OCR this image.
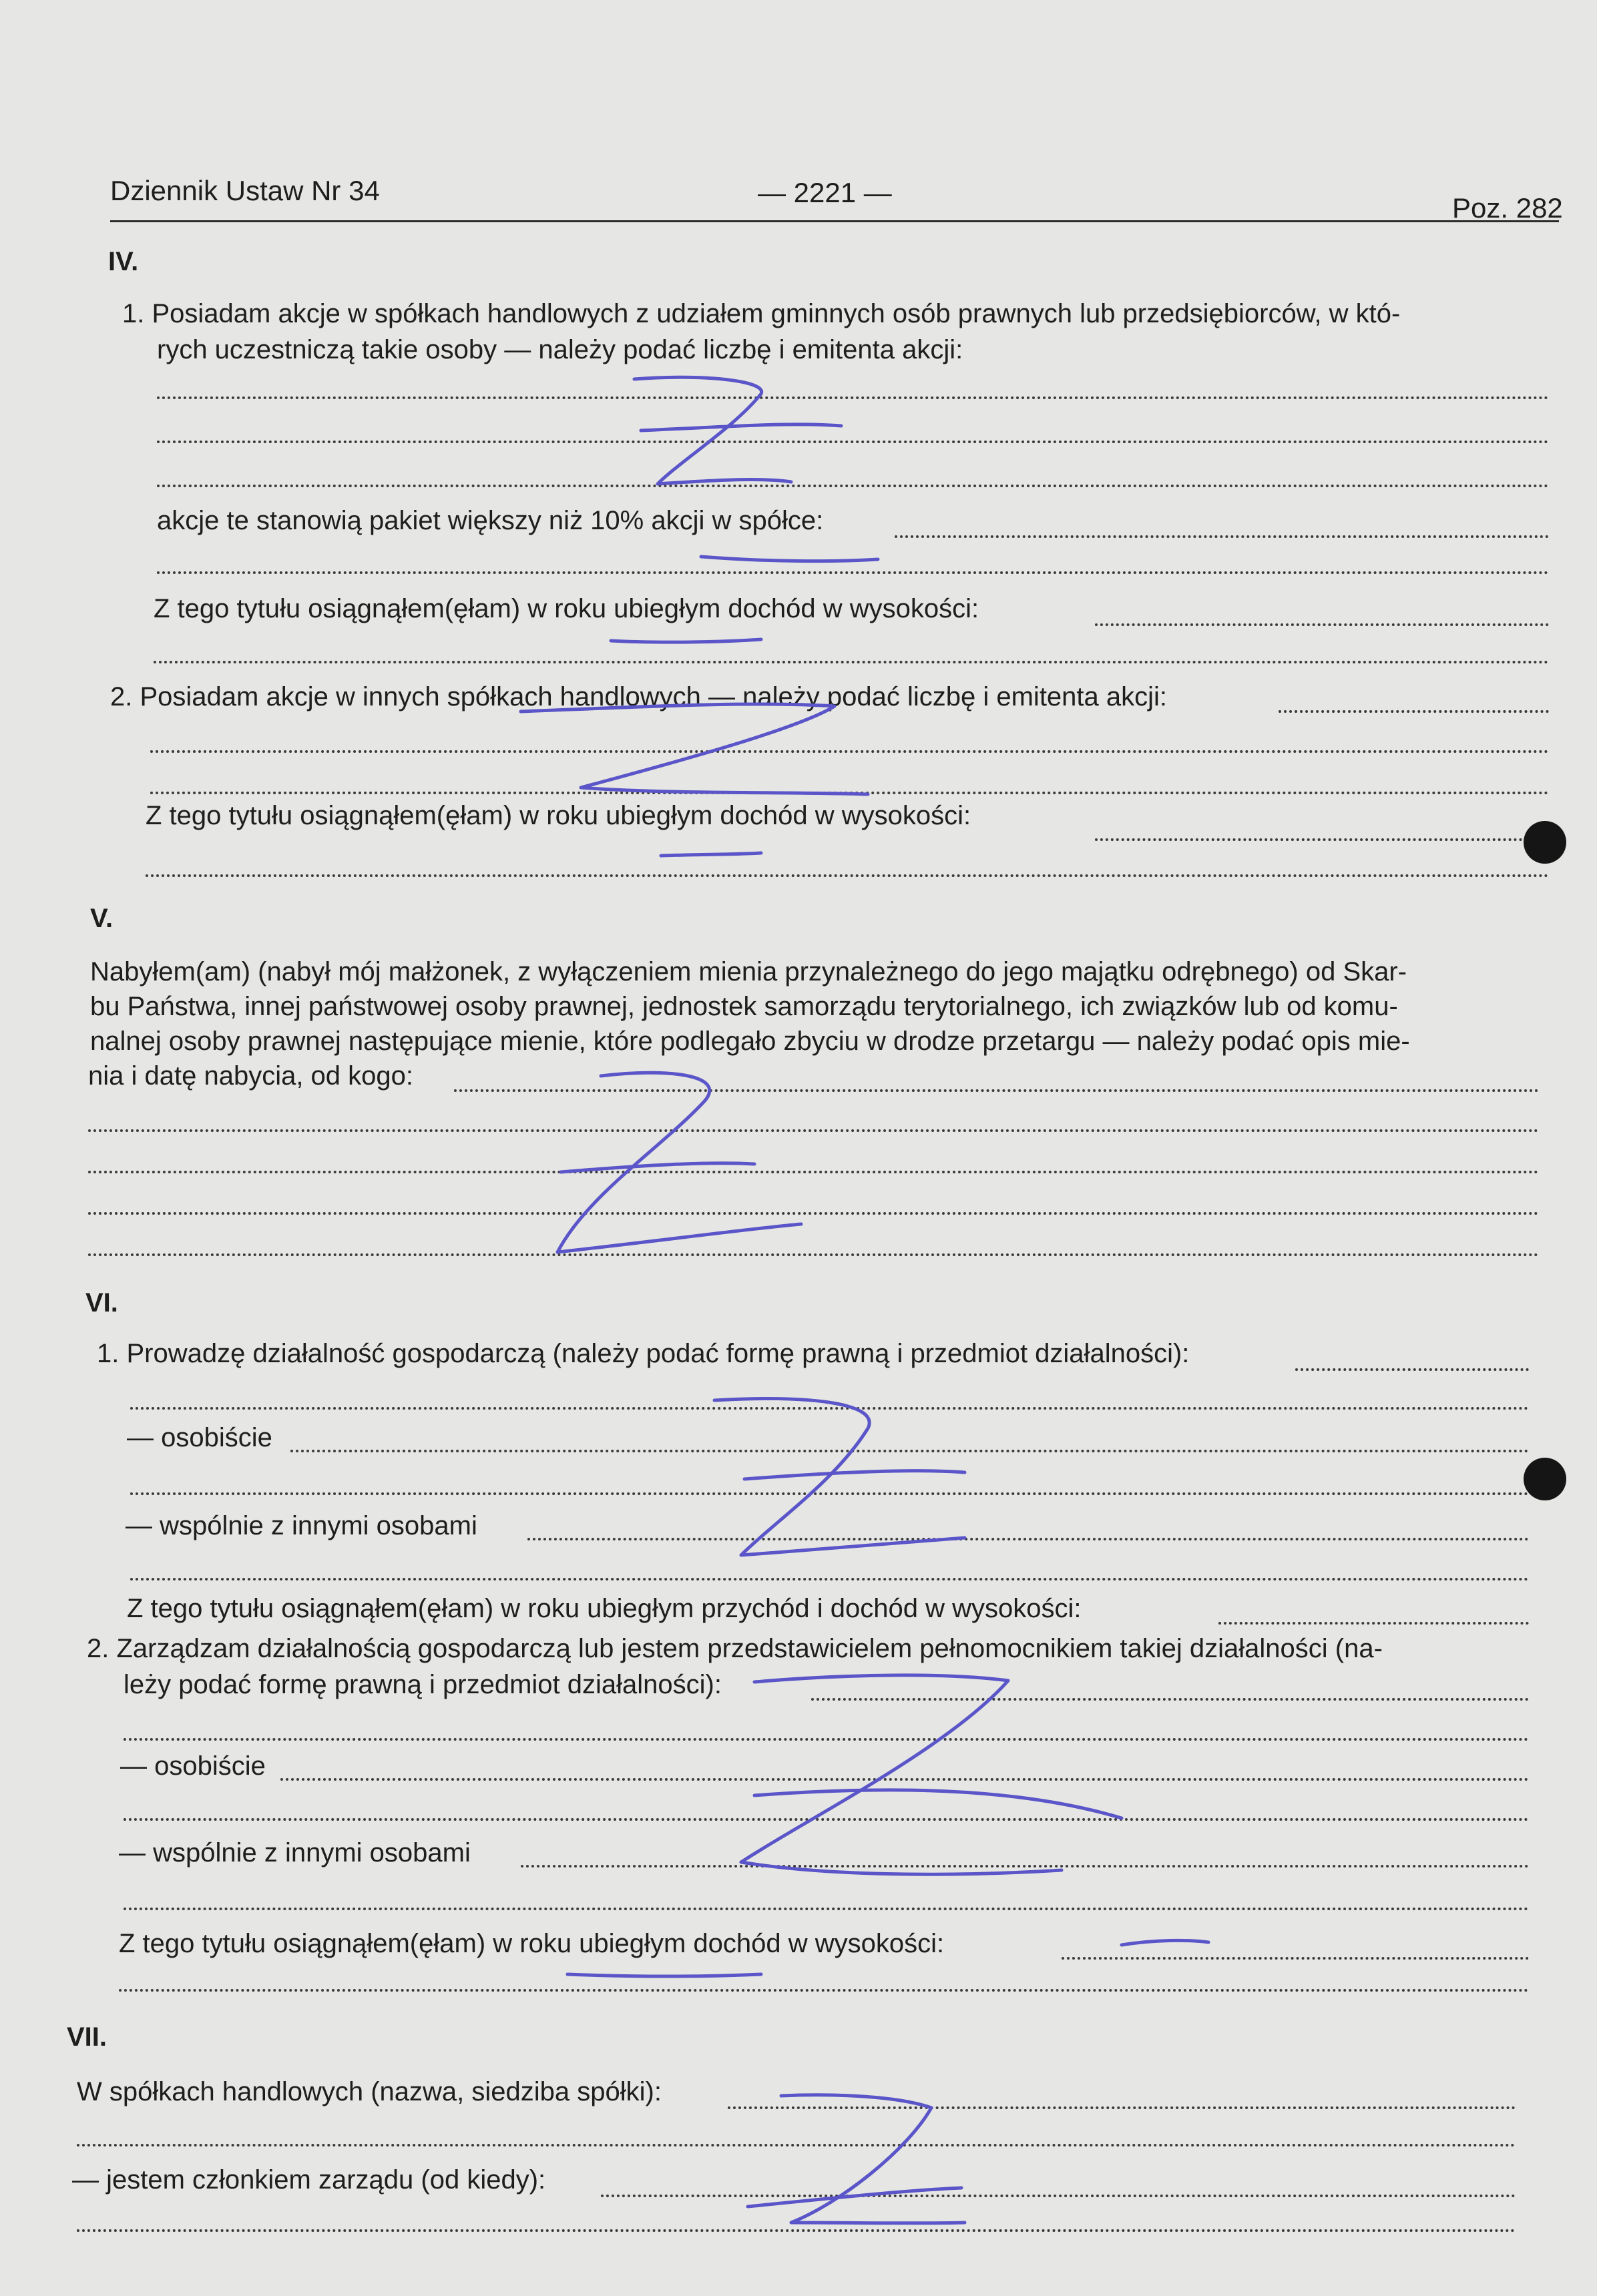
Dziennik Ustaw Nr 34	— 2221 —	Poz. 282
IV.
1. Posiadam akcje w spółkach handlowych z udziałem gminnych osób prawnych lub przedsiębiorców, w któ-
rych uczestniczą takie osoby — należy podać liczbę i emitenta akcji:
akcje te stanowią pakiet większy niż 10% akcji w spółce:
Z tego tytułu osiągnąłem(ęłam) w roku ubiegłym dochód w wysokości:
2. Posiadam akcje w innych spółkach handlowych — należy podać liczbę i emitenta akcji:
Z tego tytułu osiągnąłem(ęłam) w roku ubiegłym dochód w wysokości:
V.
Nabyłem(am) (nabył mój małżonek, z wyłączeniem mienia przynależnego do jego majątku odrębnego) od Skar-
bu Państwa, innej państwowej osoby prawnej, jednostek samorządu terytorialnego, ich związków lub od komu-
nalnej osoby prawnej następujące mienie, które podlegało zbyciu w drodze przetargu — należy podać opis mie-
nia i datę nabycia, od kogo:
VI.
1. Prowadzę działalność gospodarczą (należy podać formę prawną i przedmiot działalności):
— osobiście
— wspólnie z innymi osobami
Z tego tytułu osiągnąłem(ęłam) w roku ubiegłym przychód i dochód w wysokości:
2. Zarządzam działalnością gospodarczą lub jestem przedstawicielem pełnomocnikiem takiej działalności (na-
leży podać formę prawną i przedmiot działalności):
— osobiście
— wspólnie z innymi osobami
Z tego tytułu osiągnąłem(ęłam) w roku ubiegłym dochód w wysokości:
VII.
W spółkach handlowych (nazwa, siedziba spółki):
— jestem członkiem zarządu (od kiedy):
